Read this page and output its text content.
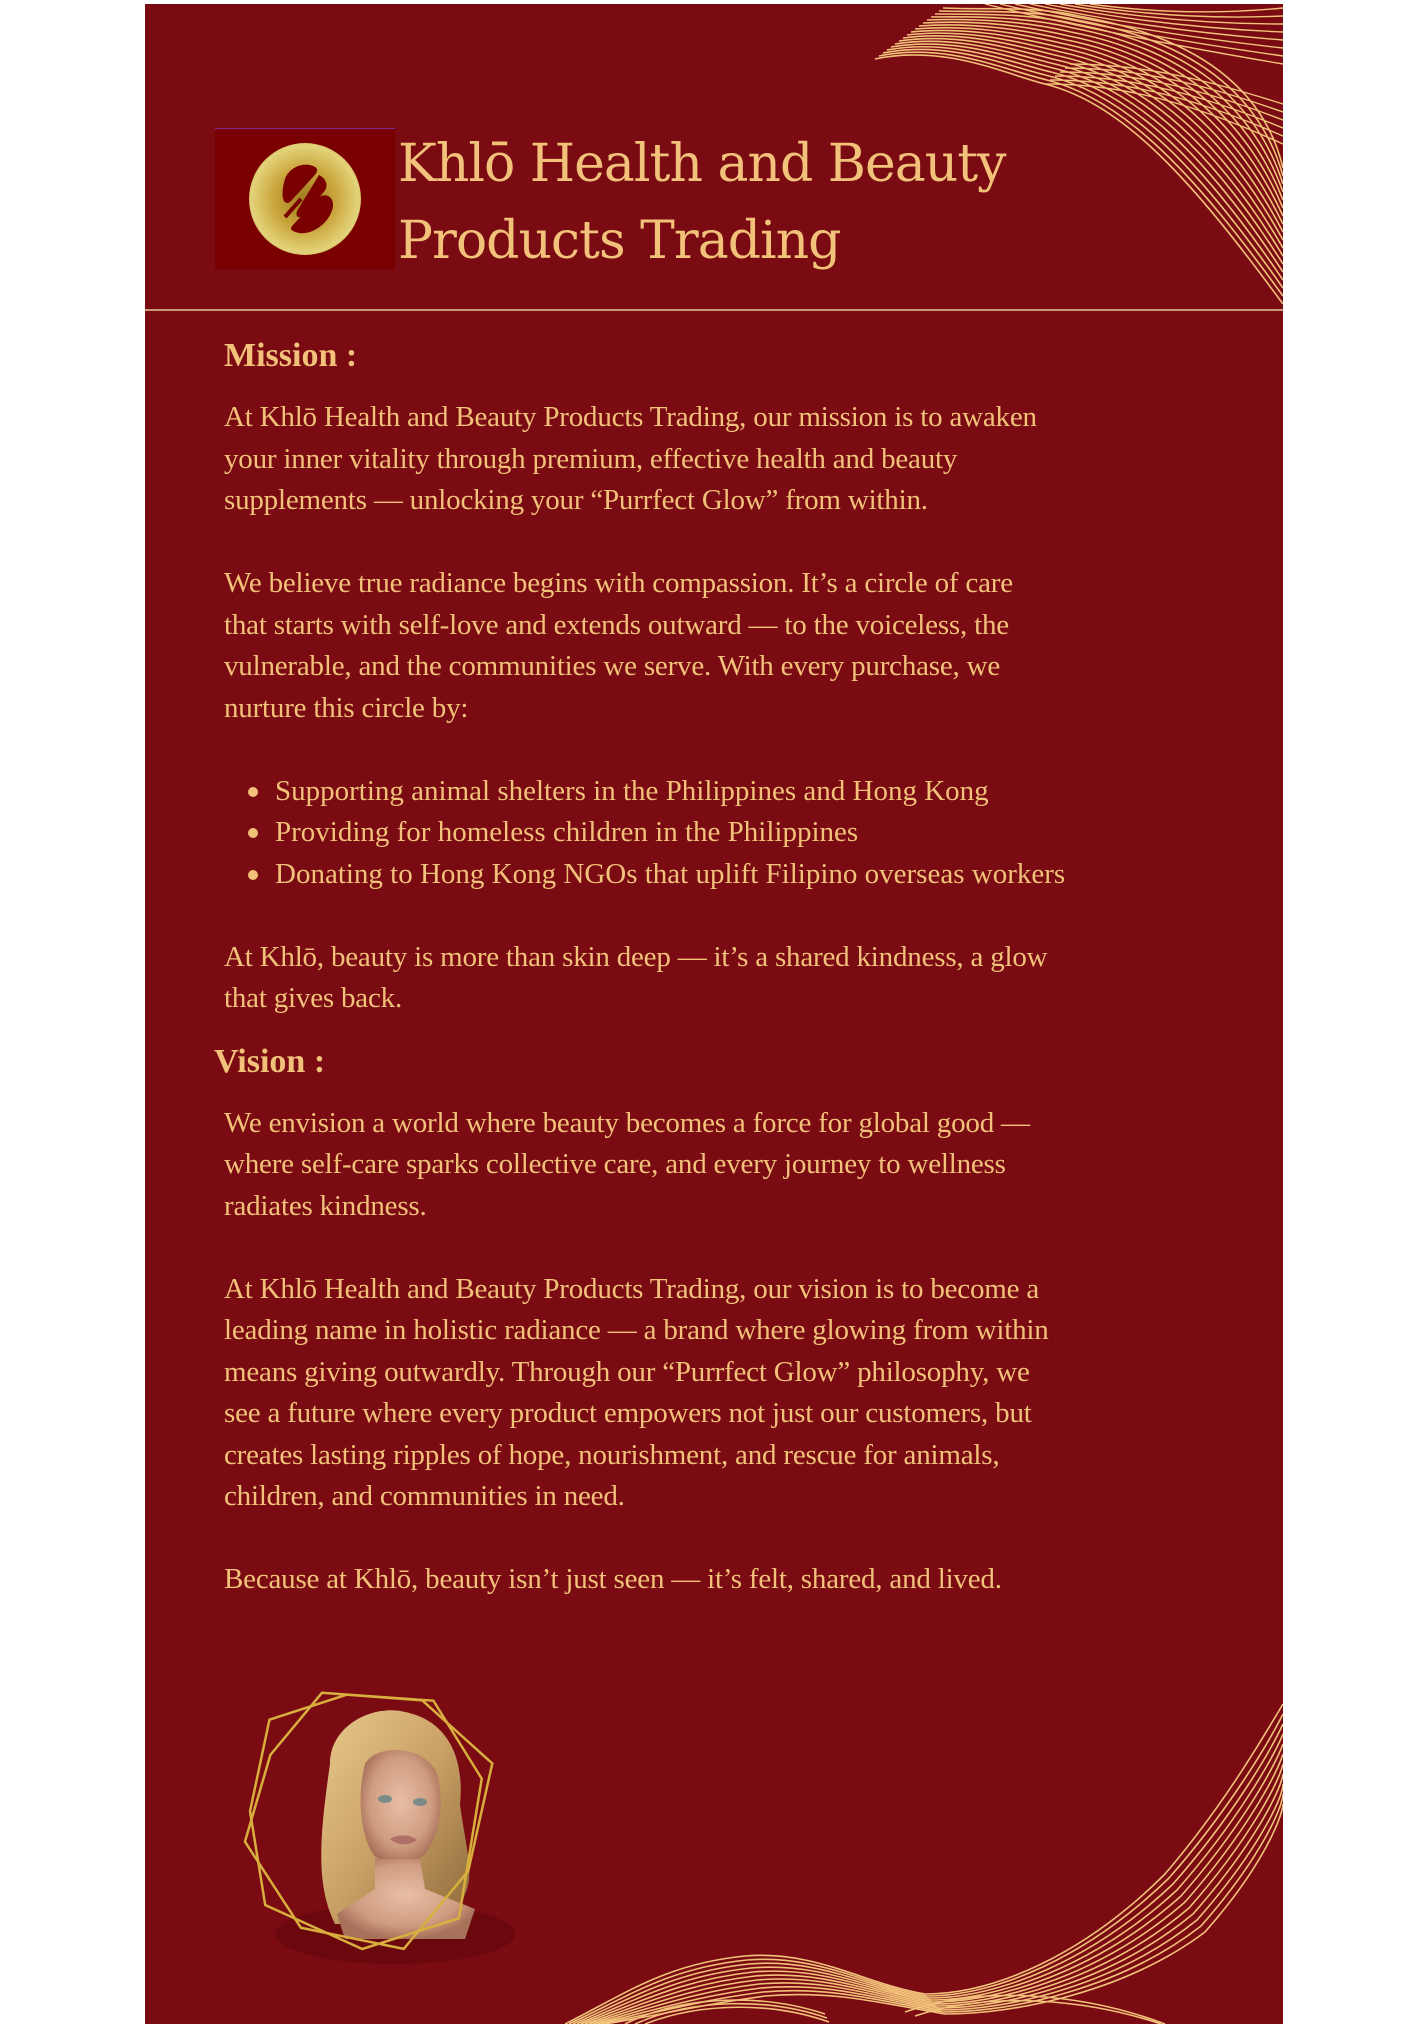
Khlō Health and Beauty
Products Trading
Mission :

At Khlō Health and Beauty Products Trading, our mission is to awaken
your inner vitality through premium, effective health and beauty
supplements — unlocking your “Purrfect Glow” from within.

We believe true radiance begins with compassion. It’s a circle of care
that starts with self-love and extends outward — to the voiceless, the
vulnerable, and the communities we serve. With every purchase, we
nurture this circle by:

Supporting animal shelters in the Philippines and Hong Kong
Providing for homeless children in the Philippines
Donating to Hong Kong NGOs that uplift Filipino overseas workers

At Khlō, beauty is more than skin deep — it’s a shared kindness, a glow
that gives back.

Vision :

We envision a world where beauty becomes a force for global good —
where self-care sparks collective care, and every journey to wellness
radiates kindness.

At Khlō Health and Beauty Products Trading, our vision is to become a
leading name in holistic radiance — a brand where glowing from within
means giving outwardly. Through our “Purrfect Glow” philosophy, we
see a future where every product empowers not just our customers, but
creates lasting ripples of hope, nourishment, and rescue for animals,
children, and communities in need.

Because at Khlō, beauty isn’t just seen — it’s felt, shared, and lived.
